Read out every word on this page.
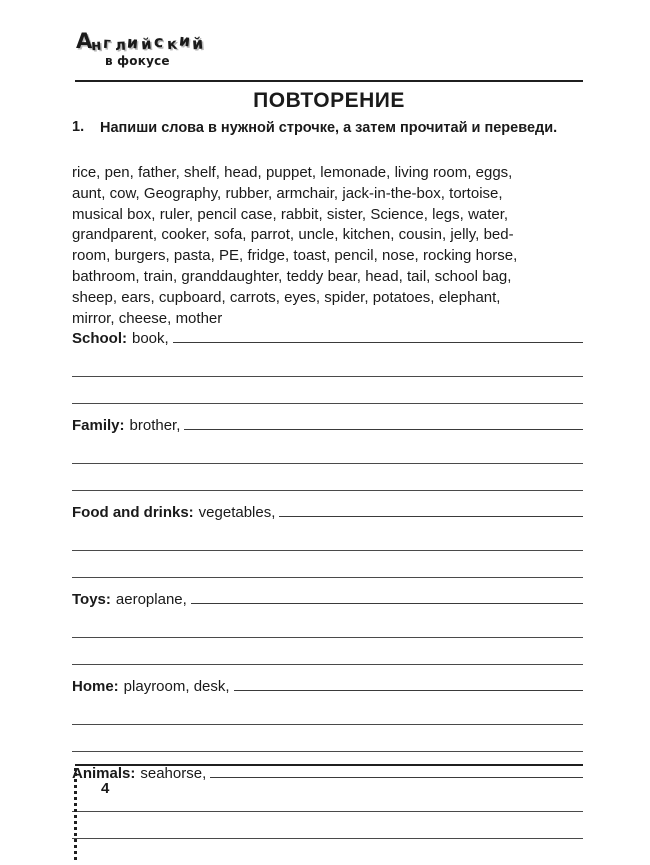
А
н г л и й с к и й
в фокусе
ПОВТОРЕНИЕ
1. Напиши слова в нужной строчке, а затем прочитай и переведи.
rice, pen, father, shelf, head, puppet, lemonade, living room, eggs,
aunt, cow, Geography, rubber, armchair, jack-in-the-box, tortoise,
musical box, ruler, pencil case, rabbit, sister, Science, legs, water,
grandparent, cooker, sofa, parrot, uncle, kitchen, cousin, jelly, bed-
room, burgers, pasta, PE, fridge, toast, pencil, nose, rocking horse,
bathroom, train, granddaughter, teddy bear, head, tail, school bag,
sheep, ears, cupboard, carrots, eyes, spider, potatoes, elephant,
mirror, cheese, mother
School: book,
Family: brother,
Food and drinks: vegetables,
Toys: aeroplane,
Home: playroom, desk,
Animals: seahorse,
4
